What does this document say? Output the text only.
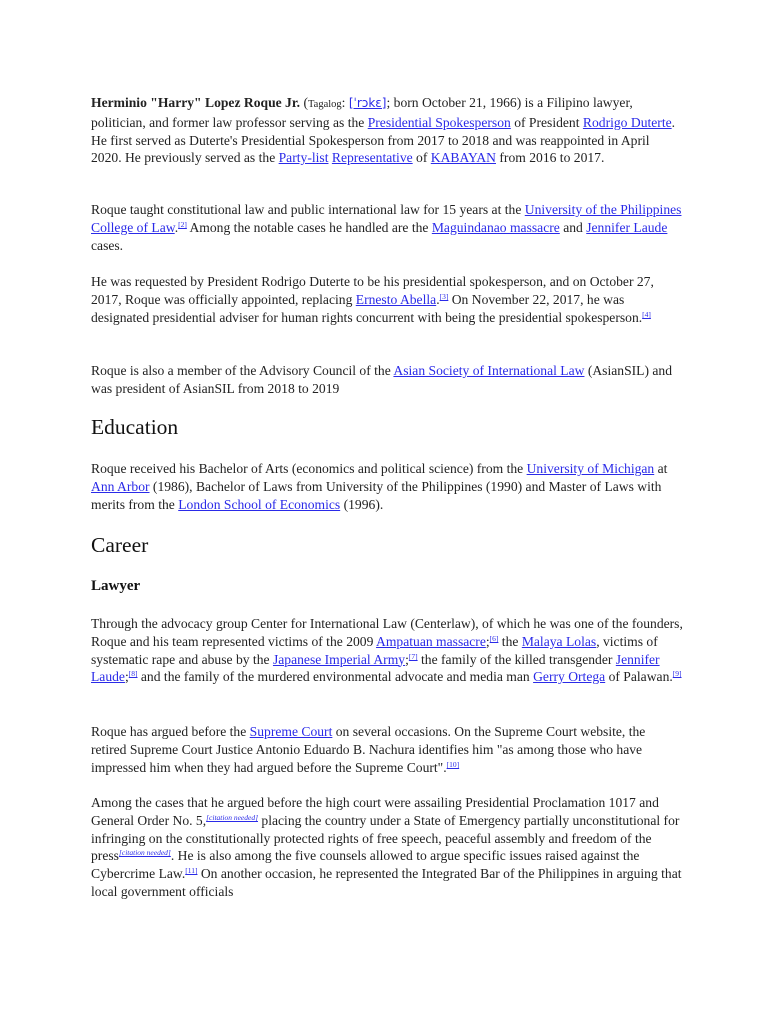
Herminio "Harry" Lopez Roque Jr. (Tagalog: [ˈrɔkɛ]; born October 21, 1966) is a Filipino lawyer, politician, and former law professor serving as the Presidential Spokesperson of President Rodrigo Duterte. He first served as Duterte's Presidential Spokesperson from 2017 to 2018 and was reappointed in April 2020. He previously served as the Party-list Representative of KABAYAN from 2016 to 2017.

Roque taught constitutional law and public international law for 15 years at the University of the Philippines College of Law.[2] Among the notable cases he handled are the Maguindanao massacre and Jennifer Laude cases.

He was requested by President Rodrigo Duterte to be his presidential spokesperson, and on October 27, 2017, Roque was officially appointed, replacing Ernesto Abella.[3] On November 22, 2017, he was designated presidential adviser for human rights concurrent with being the presidential spokesperson.[4]

Roque is also a member of the Advisory Council of the Asian Society of International Law (AsianSIL) and was president of AsianSIL from 2018 to 2019

Education

Roque received his Bachelor of Arts (economics and political science) from the University of Michigan at Ann Arbor (1986), Bachelor of Laws from University of the Philippines (1990) and Master of Laws with merits from the London School of Economics (1996).

Career
Lawyer

Through the advocacy group Center for International Law (Centerlaw), of which he was one of the founders, Roque and his team represented victims of the 2009 Ampatuan massacre;[6] the Malaya Lolas, victims of systematic rape and abuse by the Japanese Imperial Army;[7] the family of the killed transgender Jennifer Laude;[8] and the family of the murdered environmental advocate and media man Gerry Ortega of Palawan.[9]

Roque has argued before the Supreme Court on several occasions. On the Supreme Court website, the retired Supreme Court Justice Antonio Eduardo B. Nachura identifies him "as among those who have impressed him when they had argued before the Supreme Court".[10]

Among the cases that he argued before the high court were assailing Presidential Proclamation 1017 and General Order No. 5,[citation needed] placing the country under a State of Emergency partially unconstitutional for infringing on the constitutionally protected rights of free speech, peaceful assembly and freedom of the press[citation needed]. He is also among the five counsels allowed to argue specific issues raised against the Cybercrime Law.[11] On another occasion, he represented the Integrated Bar of the Philippines in arguing that local government officials
